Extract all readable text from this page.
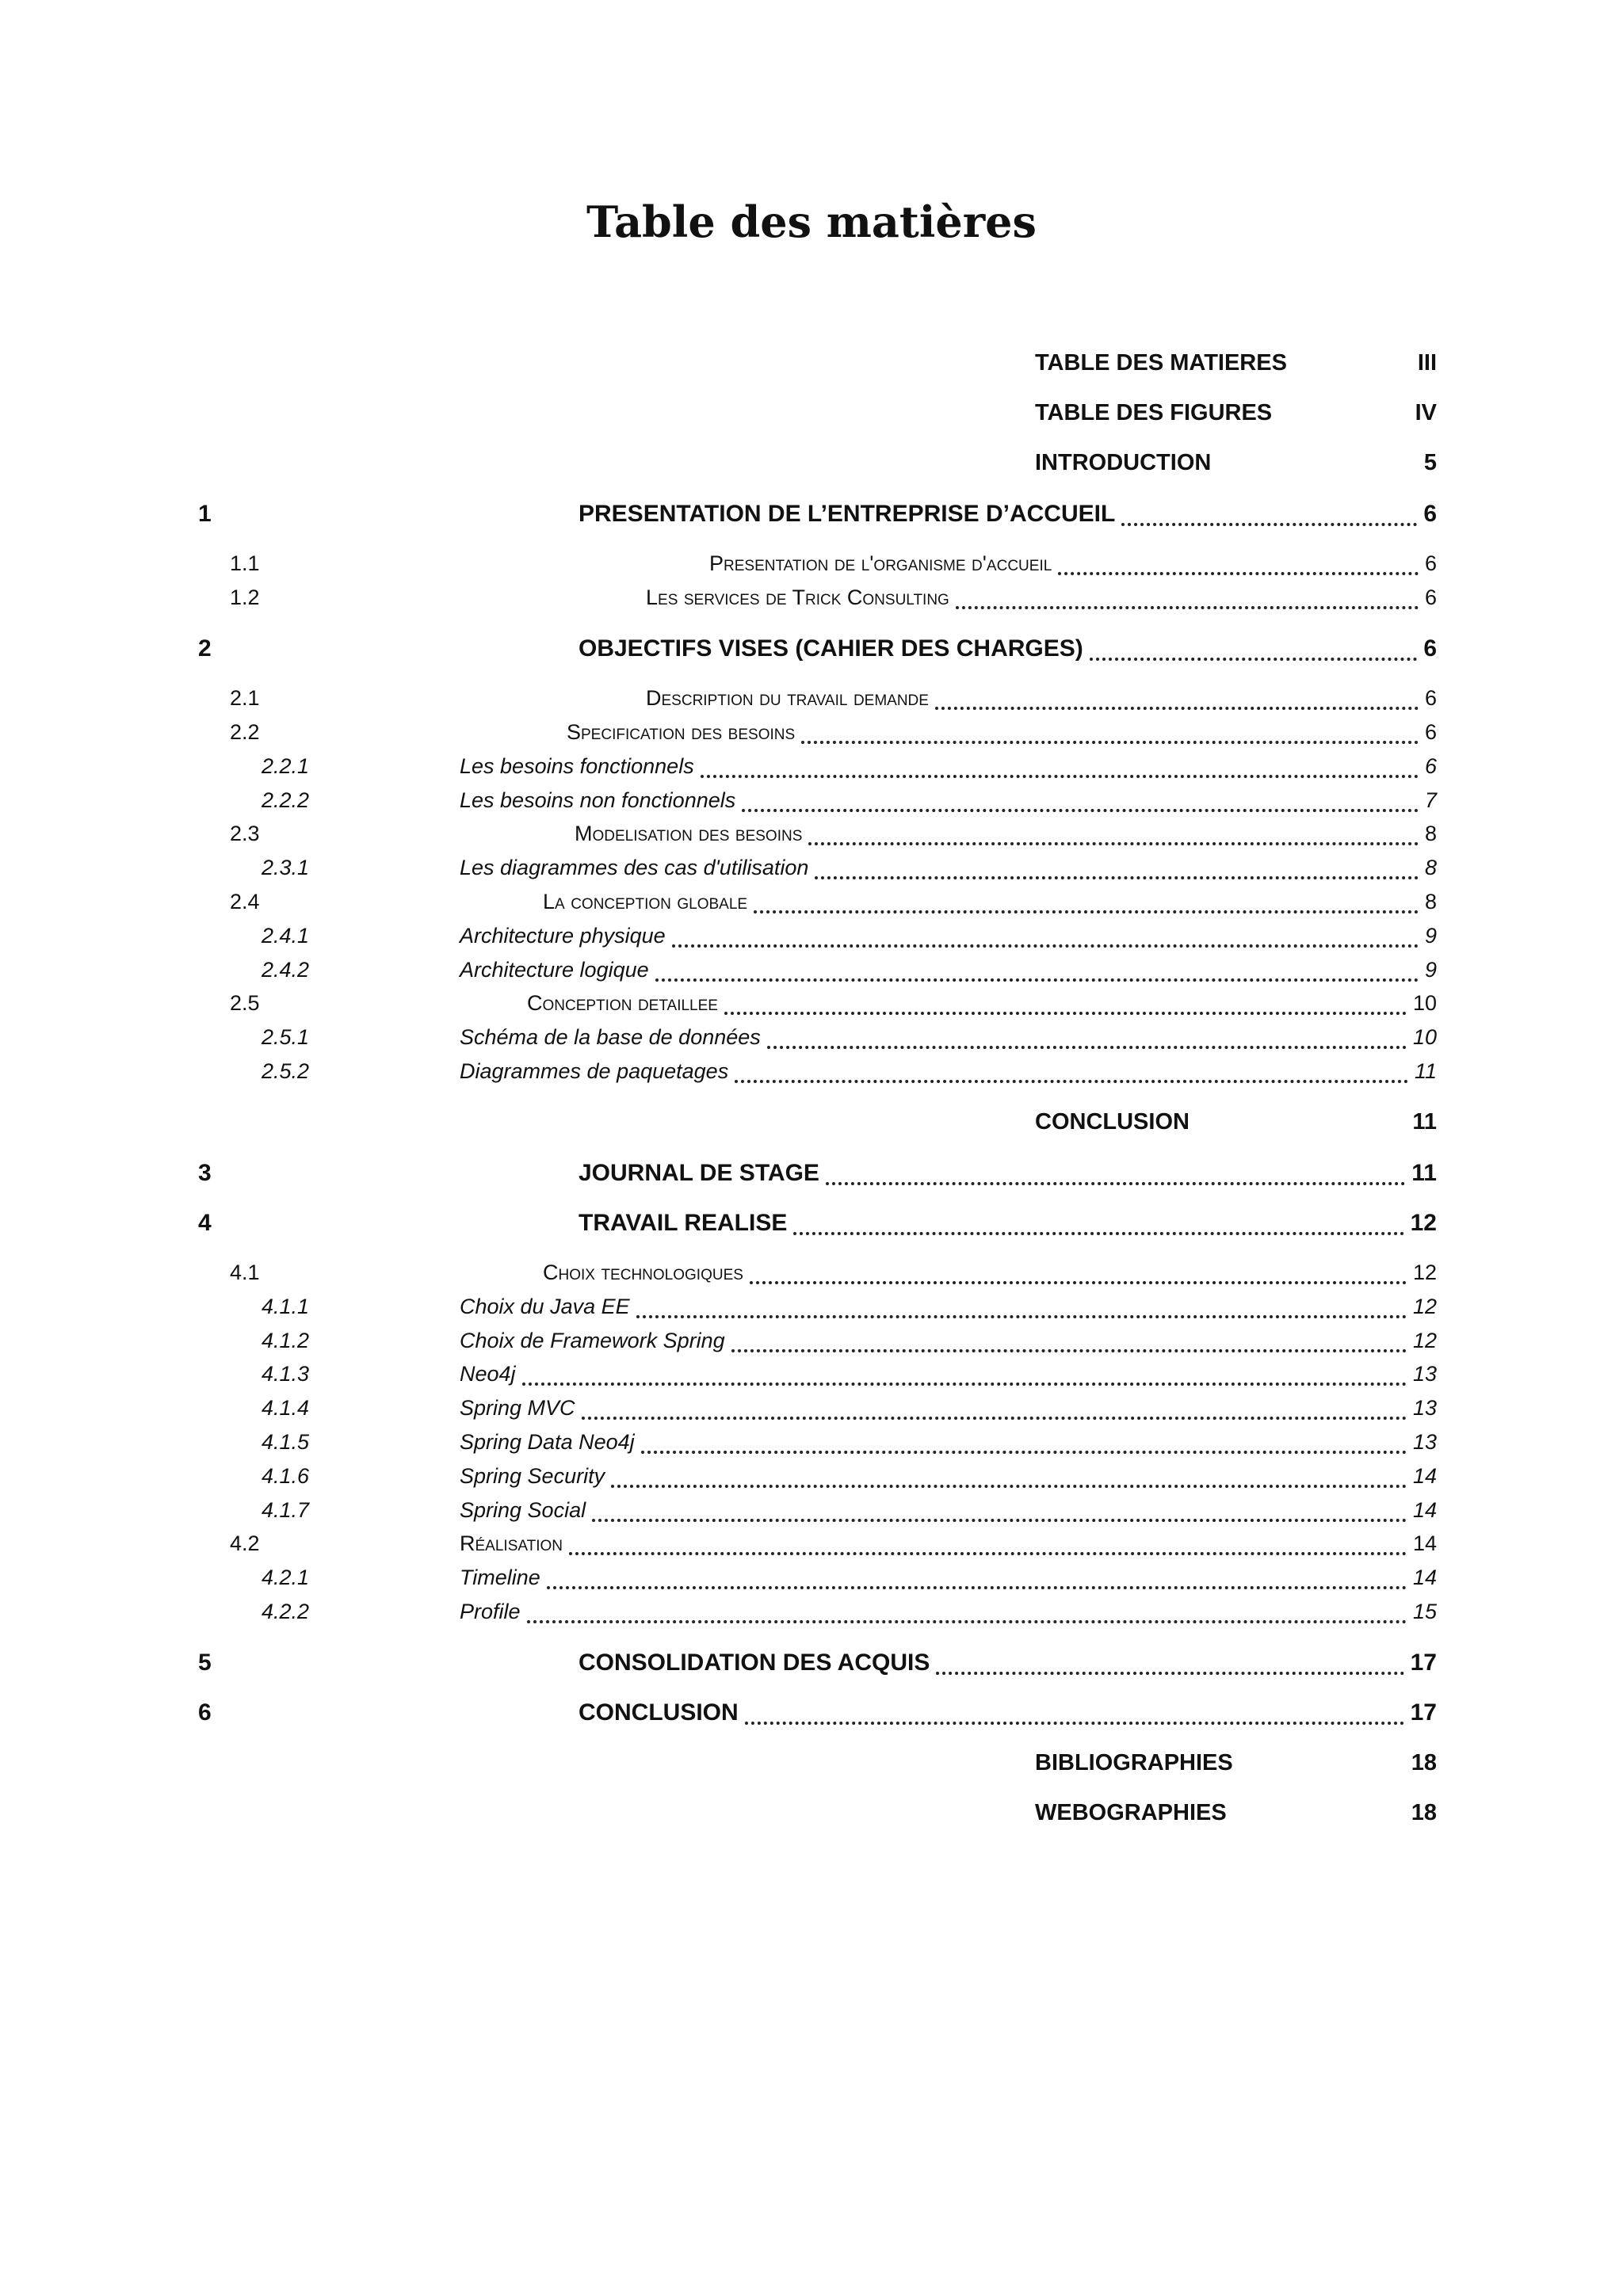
Table des matières
TABLE DES MATIERES	III
TABLE DES FIGURES	IV
INTRODUCTION	5
1	PRESENTATION DE L’ENTREPRISE D’ACCUEIL	6
1.1	Presentation de l'organisme d'accueil	6
1.2	Les services de Trick Consulting	6
2	OBJECTIFS VISES (CAHIER DES CHARGES)	6
2.1	Description du travail demande	6
2.2	Specification des besoins	6
2.2.1	Les besoins fonctionnels	6
2.2.2	Les besoins non fonctionnels	7
2.3	Modelisation des besoins	8
2.3.1	Les diagrammes des cas d'utilisation	8
2.4	La conception globale	8
2.4.1	Architecture physique	9
2.4.2	Architecture logique	9
2.5	Conception detaillee	10
2.5.1	Schéma de la base de données	10
2.5.2	Diagrammes de paquetages	11
CONCLUSION	11
3	JOURNAL DE STAGE	11
4	TRAVAIL REALISE	12
4.1	Choix technologiques	12
4.1.1	Choix du Java EE	12
4.1.2	Choix de Framework Spring	12
4.1.3	Neo4j	13
4.1.4	Spring MVC	13
4.1.5	Spring Data Neo4j	13
4.1.6	Spring Security	14
4.1.7	Spring Social	14
4.2	Réalisation	14
4.2.1	Timeline	14
4.2.2	Profile	15
5	CONSOLIDATION DES ACQUIS	17
6	CONCLUSION	17
BIBLIOGRAPHIES	18
WEBOGRAPHIES	18
